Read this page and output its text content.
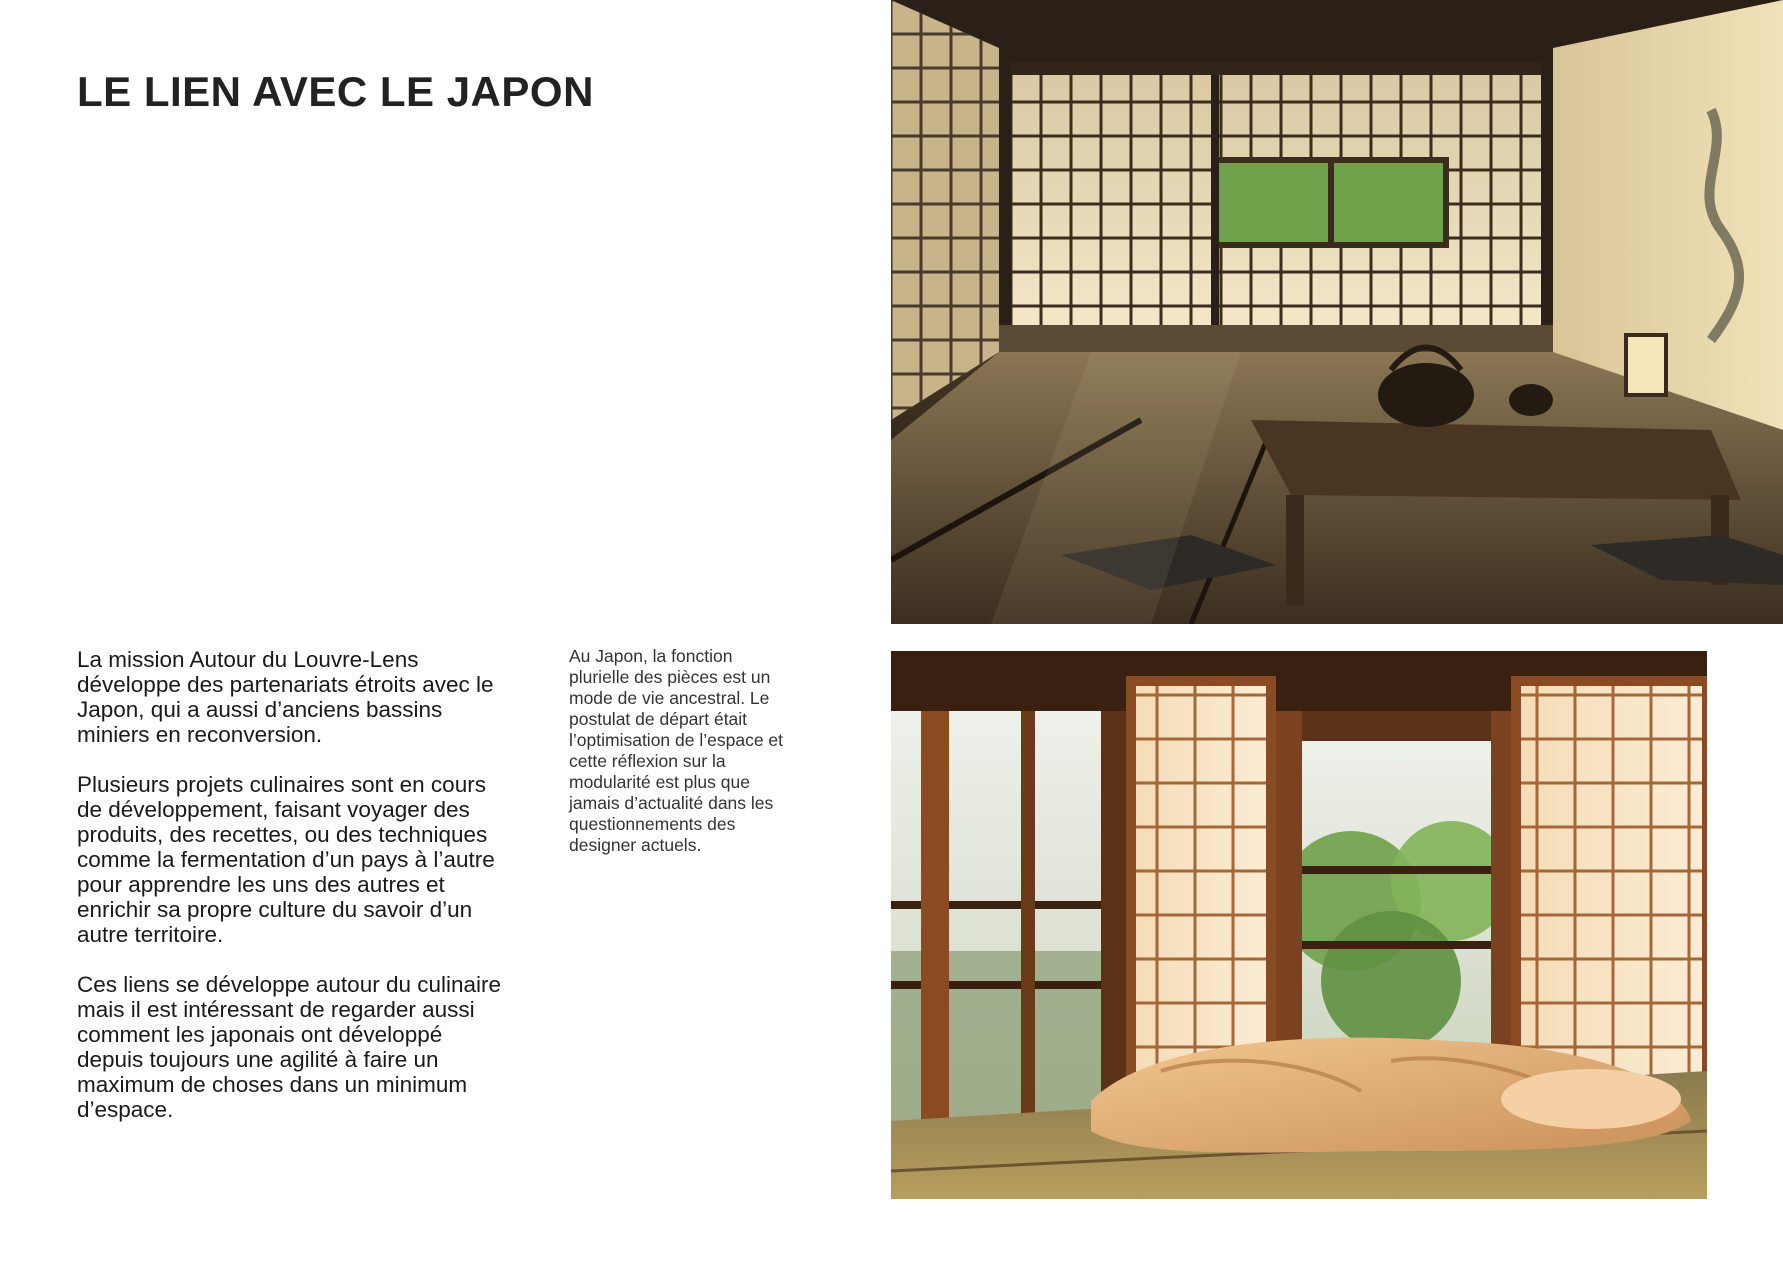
LE LIEN AVEC LE JAPON

La mission Autour du Louvre-Lens développe des partenariats étroits avec le Japon, qui a aussi d’anciens bassins miniers en reconversion.

Plusieurs projets culinaires sont en cours de développement, faisant voyager des produits, des recettes, ou des techniques comme la fermentation d’un pays à l’autre pour apprendre les uns des autres et enrichir sa propre culture du savoir d’un autre territoire.

Ces liens se développe autour du culinaire mais il est intéressant de regarder aussi comment les japonais ont développé depuis toujours une agilité à faire un maximum de choses dans un minimum d’espace.

Au Japon, la fonction plurielle des pièces est un mode de vie ancestral. Le postulat de départ était l’optimisation de l’espace et cette réflexion sur la modularité est plus que jamais d’actualité dans les questionnements des designer actuels.
